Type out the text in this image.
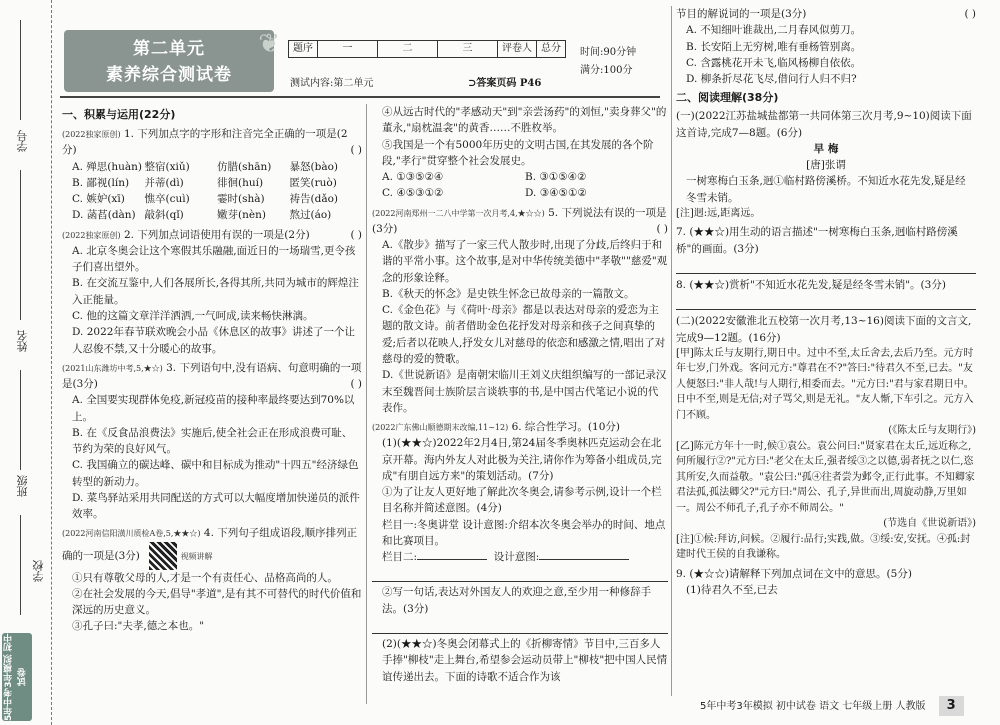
学号
姓名
班级
学校
5年中考3年模拟 初中试卷
第二单元
素养综合测试卷
❦ 题序	一	二	三	评卷人	总分
测试内容:第二单元	⊃答案页码 P46
时间:90分钟
满分:100分
一、积累与运用(22分)
(2022独家原创) 1. 下列加点字的字形和注音完全正确的一项是(2分)	( )
A. 殚思(huàn) 整宿(xiǔ)	仿腊(shān)	暴怒(bào)
B. 鄙视(lín)	并蒂(dì)	徘徊(huí)	匿笑(ruò)
C. 嫉妒(xī)	憔卒(cuì)	霎时(shà)	祷告(dǎo)
D. 菡萏(dàn) 敲斜(qǐ)	嫩芽(nèn)	熬过(áo)
(2022独家原创) 2. 下列加点词语使用有误的一项是(2分)	( )
A. 北京冬奥会让这个寒假其乐融融,面近日的一场瑞雪,更令孩子们喜出望外。
B. 在交流互鉴中,人们各展所长,各得其所,共同为城市的辉煌注入正能量。
C. 他的这篇文章洋洋洒洒,一气呵成,读来畅快淋漓。
D. 2022年春节联欢晚会小品《休息区的故事》讲述了一个让人忍俊不禁,又十分暖心的故事。
(2021山东潍坊中考,5,★☆) 3. 下列语句中,没有语病、句意明确的一项是(3分)	( )
A. 全国要实现群体免疫,新冠疫苗的接种率最终要达到70%以上。
B. 在《反食品浪费法》实施后,使全社会正在形成浪费可耻、节约为荣的良好风气。
C. 我国确立的碳达峰、碳中和目标成为推动"十四五"经济绿色转型的新动力。
D. 菜鸟驿站采用共同配送的方式可以大幅度增加快递员的派件效率。
(2022河南信阳潢川质检A卷,5,★★☆) 4. 下列句子组成语段,顺序排列正确的一项是(3分)	视频讲解
①只有尊敬父母的人,才是一个有责任心、品格高尚的人。
②在社会发展的今天,倡导"孝道",是有其不可替代的时代价值和深远的历史意义。
③孔子曰:"夫孝,德之本也。"
④从远古时代的"孝感动天"到"亲尝汤药"的刘恒,"卖身葬父"的董永,"扇枕温衾"的黄香……不胜枚举。
⑤我国是一个有5000年历史的文明古国,在其发展的各个阶段,"孝行"贯穿整个社会发展史。
A. ①③⑤②④	B. ③①⑤④②
C. ④⑤③①②	D. ③④⑤①②
(2022河南郑州一二八中学第一次月考,4,★☆☆) 5. 下列说法有误的一项是(3分)	( )
A.《散步》描写了一家三代人散步时,出现了分歧,后终归于和谐的平常小事。这个故事,是对中华传统美德中"孝敬""慈爱"观念的形象诠释。
B.《秋天的怀念》是史铁生怀念已故母亲的一篇散文。
C.《金色花》与《荷叶·母亲》都是以表达对母亲的爱恋为主题的散文诗。前者借助金色花抒发对母亲和孩子之间真挚的爱;后者以花映人,抒发女儿对慈母的依恋和感激之情,唱出了对慈母的爱的赞歌。
D.《世说新语》是南朝宋临川王刘义庆组织编写的一部记录汉末至魏晋间士族阶层言谈轶事的书,是中国古代笔记小说的代表作。
(2022广东佛山顺德期末改编,11~12) 6. 综合性学习。(10分)
(1)(★★☆)2022年2月4日,第24届冬季奥林匹克运动会在北京开幕。海内外友人对此极为关注,请你作为筹备小组成员,完成"有朋自远方来"的策划活动。(7分)
①为了让友人更好地了解此次冬奥会,请参考示例,设计一个栏目名称并简述意图。(4分)
栏目一:冬奥讲堂 设计意图:介绍本次冬奥会举办的时间、地点和比赛项目。
栏目二:	设计意图:
②写一句话,表达对外国友人的欢迎之意,至少用一种修辞手法。(3分)
(2)(★★☆)冬奥会闭幕式上的《折柳寄情》节目中,三百多人手捧"柳枝"走上舞台,希望参会运动员带上"柳枝"把中国人民情谊传递出去。下面的诗歌不适合作为该
节目的解说词的一项是(3分)	( )
A. 不知细叶谁裁出,二月春风似剪刀。
B. 长安陌上无穷树,唯有垂杨管别离。
C. 含露桃花开未飞,临风杨柳自依依。
D. 柳条折尽花飞尽,借问行人归不归?
二、阅读理解(38分)
(一)(2022江苏盐城盐都第一共同体第三次月考,9~10)阅读下面这首诗,完成7—8题。(6分)
早 梅
[唐]张谓
一树寒梅白玉条,迥①临村路傍溪桥。不知近水花先发,疑是经冬雪未销。
[注]迥:远,距离远。
7. (★★☆)用生动的语言描述"一树寒梅白玉条,迥临村路傍溪桥"的画面。(3分)
8. (★★☆)赏析"不知近水花先发,疑是经冬雪未销"。(3分)
(二)(2022安徽淮北五校第一次月考,13~16)阅读下面的文言文,完成9—12题。(16分)
[甲]陈太丘与友期行,期日中。过中不至,太丘舍去,去后乃至。元方时年七岁,门外戏。客问元方:"尊君在不?"答曰:"待君久不至,已去。"友人便怒曰:"非人哉!与人期行,相委而去。"元方曰:"君与家君期日中。日中不至,则是无信;对子骂父,则是无礼。"友人惭,下车引之。元方入门不顾。
(《陈太丘与友期行》)
[乙]陈元方年十一时,候①袁公。袁公问曰:"贤家君在太丘,远近称之,何所履行②?"元方曰:"老父在太丘,强者绥③之以德,弱者抚之以仁,恣其所安,久而益敬。"袁公曰:"孤④往者尝为邺令,正行此事。不知卿家君法孤,孤法卿父?"元方曰:"周公、孔子,异世而出,周旋动静,万里如一。周公不师孔子,孔子亦不师周公。"
(节选自《世说新语》)
[注]①候:拜访,问候。②履行:品行;实践,做。③绥:安,安抚。④孤:封建时代王侯的自我谦称。
9. (★☆☆)请解释下列加点词在文中的意思。(5分)
(1)待君久不至,已去
5年中考3年模拟 初中试卷 语文 七年级上册 人教版 3
